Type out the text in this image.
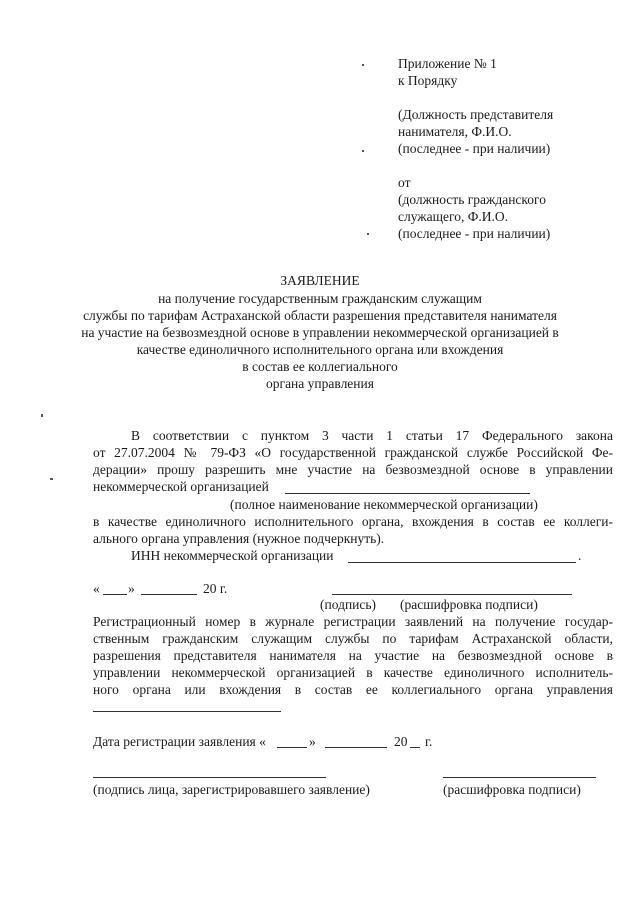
Приложение № 1
к Порядку
(Должность представителя
нанимателя, Ф.И.О.
(последнее - при наличии)
от
(должность гражданского
служащего, Ф.И.О.
(последнее - при наличии)
ЗАЯВЛЕНИЕ
на получение государственным гражданским служащим
службы по тарифам Астраханской области разрешения представителя нанимателя
на участие на безвозмездной основе в управлении некоммерческой организацией в
качестве единоличного исполнительного органа или вхождения
в состав ее коллегиального
органа управления
В соответствии с пунктом 3 части 1 статьи 17 Федерального закона
от 27.07.2004 № 79-ФЗ «О государственной гражданской службе Российской Фе-
дерации» прошу разрешить мне участие на безвозмездной основе в управлении
некоммерческой организацией
(полное наименование некоммерческой организации)
в качестве единоличного исполнительного органа, вхождения в состав ее коллеги-
ального органа управления (нужное подчеркнуть).
ИНН некоммерческой организации	.
« »	20 г.
(подпись) (расшифровка подписи)
Регистрационный номер в журнале регистрации заявлений на получение государ-
ственным гражданским служащим службы по тарифам Астраханской области,
разрешения представителя нанимателя на участие на безвозмездной основе в
управлении некоммерческой организацией в качестве единоличного исполнитель-
ного органа или вхождения в состав ее коллегиального органа управления
Дата регистрации заявления «	»	20 г.
(подпись лица, зарегистрировавшего заявление)	(расшифровка подписи)
